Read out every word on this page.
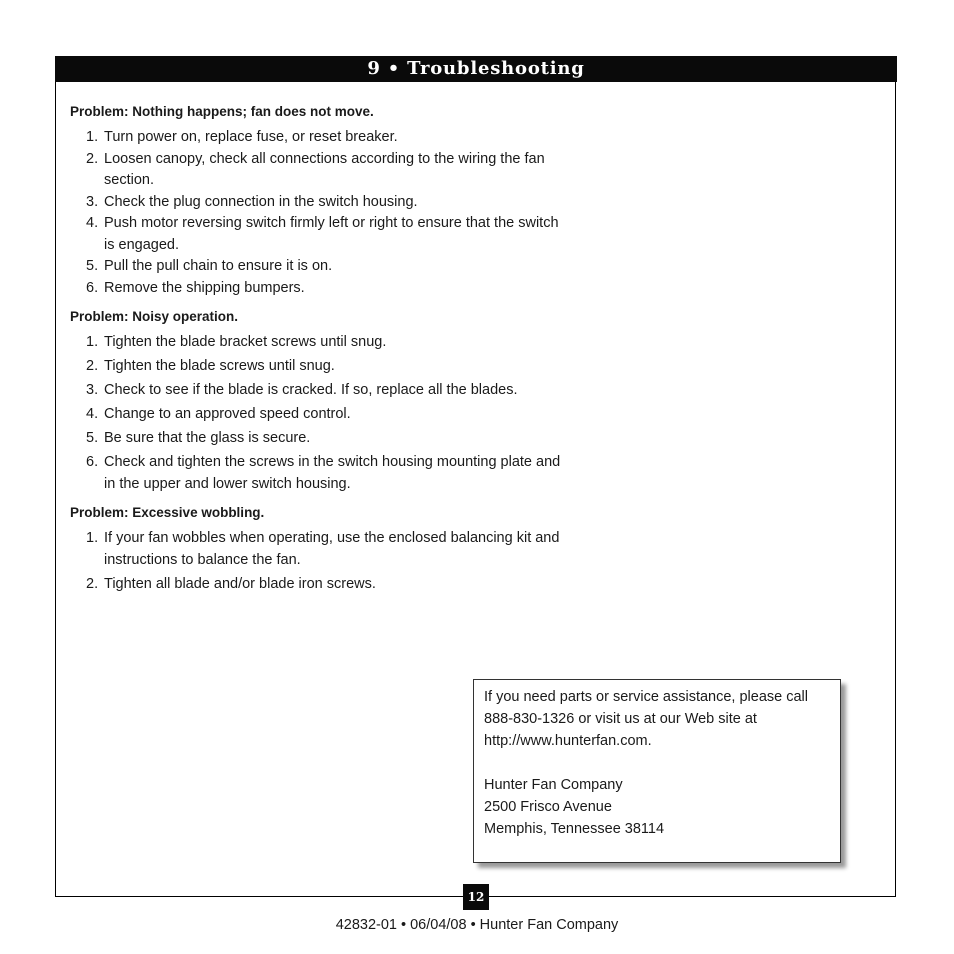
9 • Troubleshooting
Problem: Nothing happens; fan does not move.
1. Turn power on, replace fuse, or reset breaker.
2. Loosen canopy, check all connections according to the wiring the fan section.
3. Check the plug connection in the switch housing.
4. Push motor reversing switch firmly left or right to ensure that the switch is engaged.
5. Pull the pull chain to ensure it is on.
6. Remove the shipping bumpers.
Problem: Noisy operation.
1. Tighten the blade bracket screws until snug.
2. Tighten the blade screws until snug.
3. Check to see if the blade is cracked. If so, replace all the blades.
4. Change to an approved speed control.
5. Be sure that the glass is secure.
6. Check and tighten the screws in the switch housing mounting plate and in the upper and lower switch housing.
Problem: Excessive wobbling.
1. If your fan wobbles when operating, use the enclosed balancing kit and instructions to balance the fan.
2. Tighten all blade and/or blade iron screws.

If you need parts or service assistance, please call

888-830-1326 or visit us at our Web site at

http://www.hunterfan.com.

Hunter Fan Company

2500 Frisco Avenue

Memphis, Tennessee 38114

12
42832-01 • 06/04/08 • Hunter Fan Company
